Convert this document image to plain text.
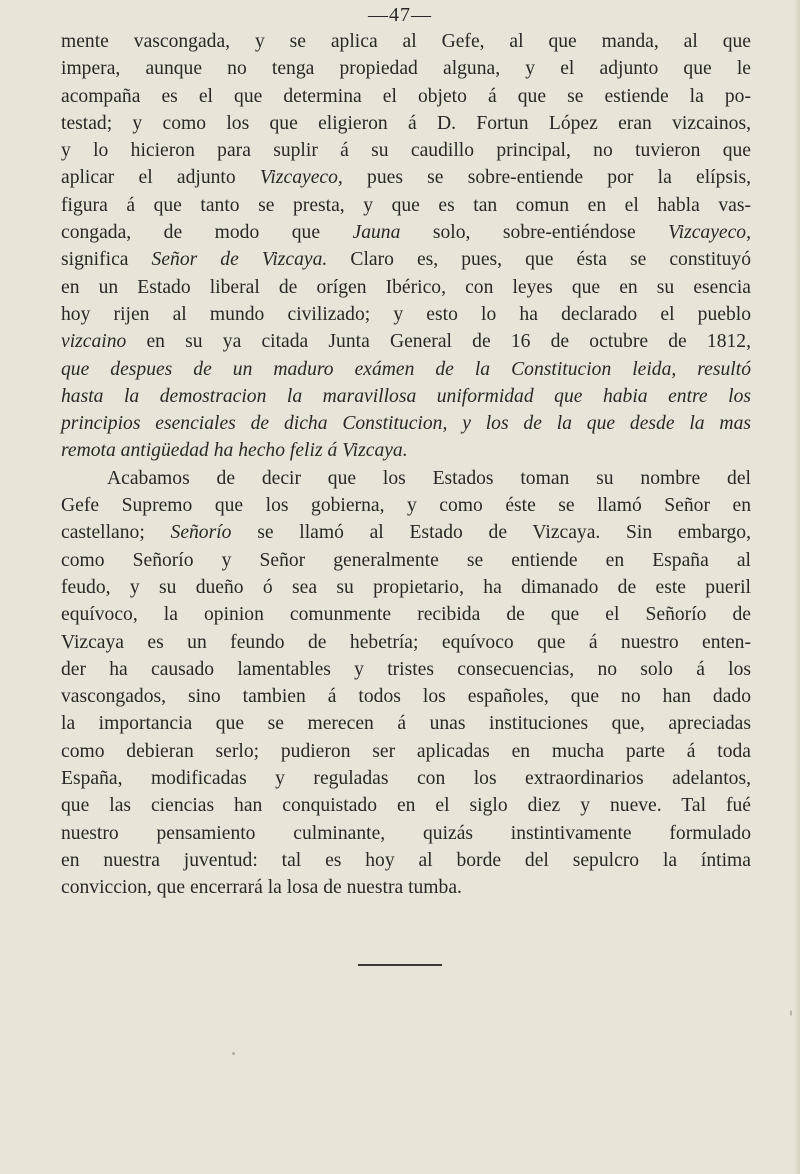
—47—
mente vascongada, y se aplica al Gefe, al que manda, al que
impera, aunque no tenga propiedad alguna, y el adjunto que le
acompaña es el que determina el objeto á que se estiende la po-
testad; y como los que eligieron á D. Fortun López eran vizcainos,
y lo hicieron para suplir á su caudillo principal, no tuvieron que
aplicar el adjunto Vizcayeco, pues se sobre-entiende por la elípsis,
figura á que tanto se presta, y que es tan comun en el habla vas-
congada, de modo que Jauna solo, sobre-entiéndose Vizcayeco,
significa Señor de Vizcaya. Claro es, pues, que ésta se constituyó
en un Estado liberal de orígen Ibérico, con leyes que en su esencia
hoy rijen al mundo civilizado; y esto lo ha declarado el pueblo
vizcaino en su ya citada Junta General de 16 de octubre de 1812,
que despues de un maduro exámen de la Constitucion leida, resultó
hasta la demostracion la maravillosa uniformidad que habia entre los
principios esenciales de dicha Constitucion, y los de la que desde la mas
remota antigüedad ha hecho feliz á Vizcaya.
Acabamos de decir que los Estados toman su nombre del
Gefe Supremo que los gobierna, y como éste se llamó Señor en
castellano; Señorío se llamó al Estado de Vizcaya. Sin embargo,
como Señorío y Señor generalmente se entiende en España al
feudo, y su dueño ó sea su propietario, ha dimanado de este pueril
equívoco, la opinion comunmente recibida de que el Señorío de
Vizcaya es un feundo de hebetría; equívoco que á nuestro enten-
der ha causado lamentables y tristes consecuencias, no solo á los
vascongados, sino tambien á todos los españoles, que no han dado
la importancia que se merecen á unas instituciones que, apreciadas
como debieran serlo; pudieron ser aplicadas en mucha parte á toda
España, modificadas y reguladas con los extraordinarios adelantos,
que las ciencias han conquistado en el siglo diez y nueve. Tal fué
nuestro pensamiento culminante, quizás instintivamente formulado
en nuestra juventud: tal es hoy al borde del sepulcro la íntima
conviccion, que encerrará la losa de nuestra tumba.
